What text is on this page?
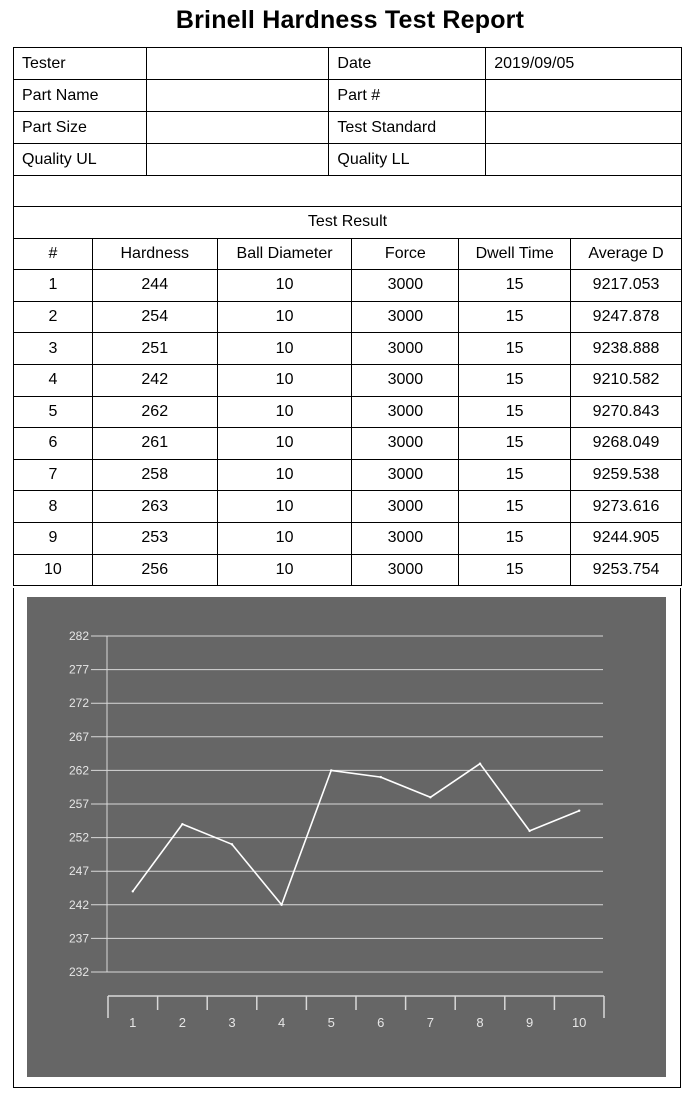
Brinell Hardness Test Report
Tester		Date	2019/09/05
Part Name		Part #	
Part Size		Test Standard	
Quality UL		Quality LL	
Test Result					
#	Hardness	Ball Diameter	Force	Dwell Time	Average D
1	244	10	3000	15	9217.053
2	254	10	3000	15	9247.878
3	251	10	3000	15	9238.888
4	242	10	3000	15	9210.582
5	262	10	3000	15	9270.843
6	261	10	3000	15	9268.049
7	258	10	3000	15	9259.538
8	263	10	3000	15	9273.616
9	253	10	3000	15	9244.905
10	256	10	3000	15	9253.754
232
237
242
247
252
257
262
267
272
277
282
1	2	3	4	5	6	7	8	9	10
